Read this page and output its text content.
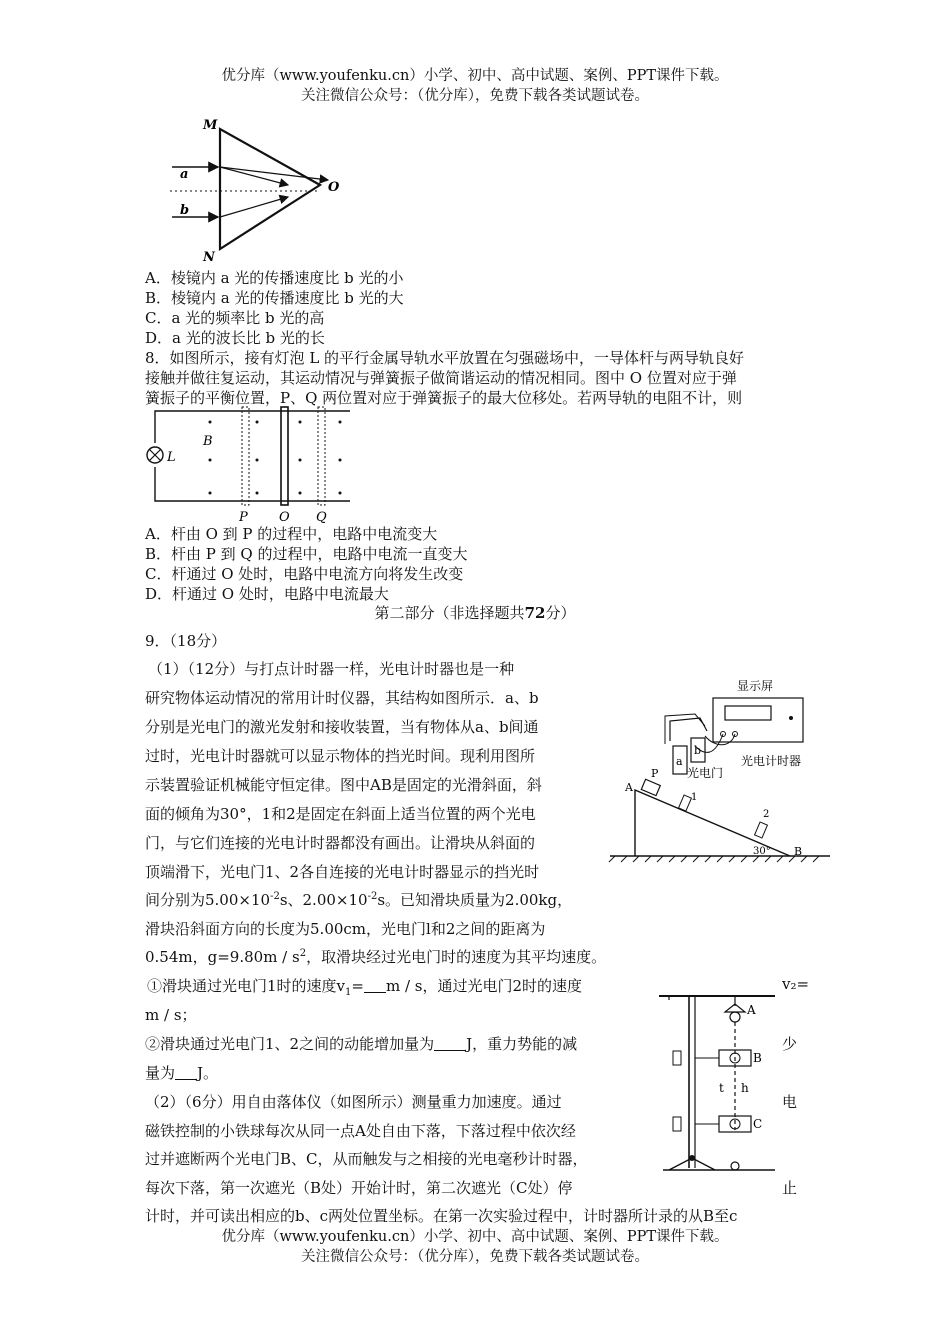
优分库（www.youfenku.cn）小学、初中、高中试题、案例、PPT课件下载。
关注微信公众号：（优分库），免费下载各类试题试卷。
M
N
a
b
O
A．棱镜内 a 光的传播速度比 b 光的小
B．棱镜内 a 光的传播速度比 b 光的大
C．a 光的频率比 b 光的高
D．a 光的波长比 b 光的长
8．如图所示，接有灯泡 L 的平行金属导轨水平放置在匀强磁场中，一导体杆与两导轨良好
接触并做往复运动，其运动情况与弹簧振子做简谐运动的情况相同。图中 O 位置对应于弹
簧振子的平衡位置，P、Q 两位置对应于弹簧振子的最大位移处。若两导轨的电阻不计，则
L
B
P O Q
A．杆由 O 到 P 的过程中，电路中电流变大
B．杆由 P 到 Q 的过程中，电路中电流一直变大
C．杆通过 O 处时，电路中电流方向将发生改变
D．杆通过 O 处时，电路中电流最大
第二部分（非选择题共72分）
9．（18分）
（1）（12分）与打点计时器一样，光电计时器也是一种
研究物体运动情况的常用计时仪器，其结构如图所示．a、b
分别是光电门的激光发射和接收装置，当有物体从a、b间通
过时，光电计时器就可以显示物体的挡光时间。现利用图所
示装置验证机械能守恒定律。图中AB是固定的光滑斜面，斜
面的倾角为30°，1和2是固定在斜面上适当位置的两个光电
门，与它们连接的光电计时器都没有画出。让滑块从斜面的
顶端滑下，光电门1、2各自连接的光电计时器显示的挡光时
间分别为$5.00\times 10^{-2}s$、$2.00\times 10^{-2}s$。已知滑块质量为2.00kg，
滑块沿斜面方向的长度为5.00cm，光电门l和2之间的距离为
0.54m，$g=9.80m / s^2$，取滑块经过光电门时的速度为其平均速度。
①滑块通过光电门1时的速度$v_1= m / s$，通过光电门2时的速度	v₂=
m / s；
②滑块通过光电门1、2之间的动能增加量为 J，重力势能的减	少
量为 J。
（2）（6分）用自由落体仪（如图所示）测量重力加速度。通过	电
磁铁控制的小铁球每次从同一点A处自由下落，下落过程中依次经
过并遮断两个光电门B、C，从而触发与之相接的光电毫秒计时器，
每次下落，第一次遮光（B处）开始计时，第二次遮光（C处）停	止
计时，并可读出相应的b、c两处位置坐标。在第一次实验过程中，计时器所计录的从B至c
显示屏
a
b
光电门
光电计时器
P
A
B
1
2
30°
A
B
t h
C
优分库（www.youfenku.cn）小学、初中、高中试题、案例、PPT课件下载。
关注微信公众号：（优分库），免费下载各类试题试卷。
